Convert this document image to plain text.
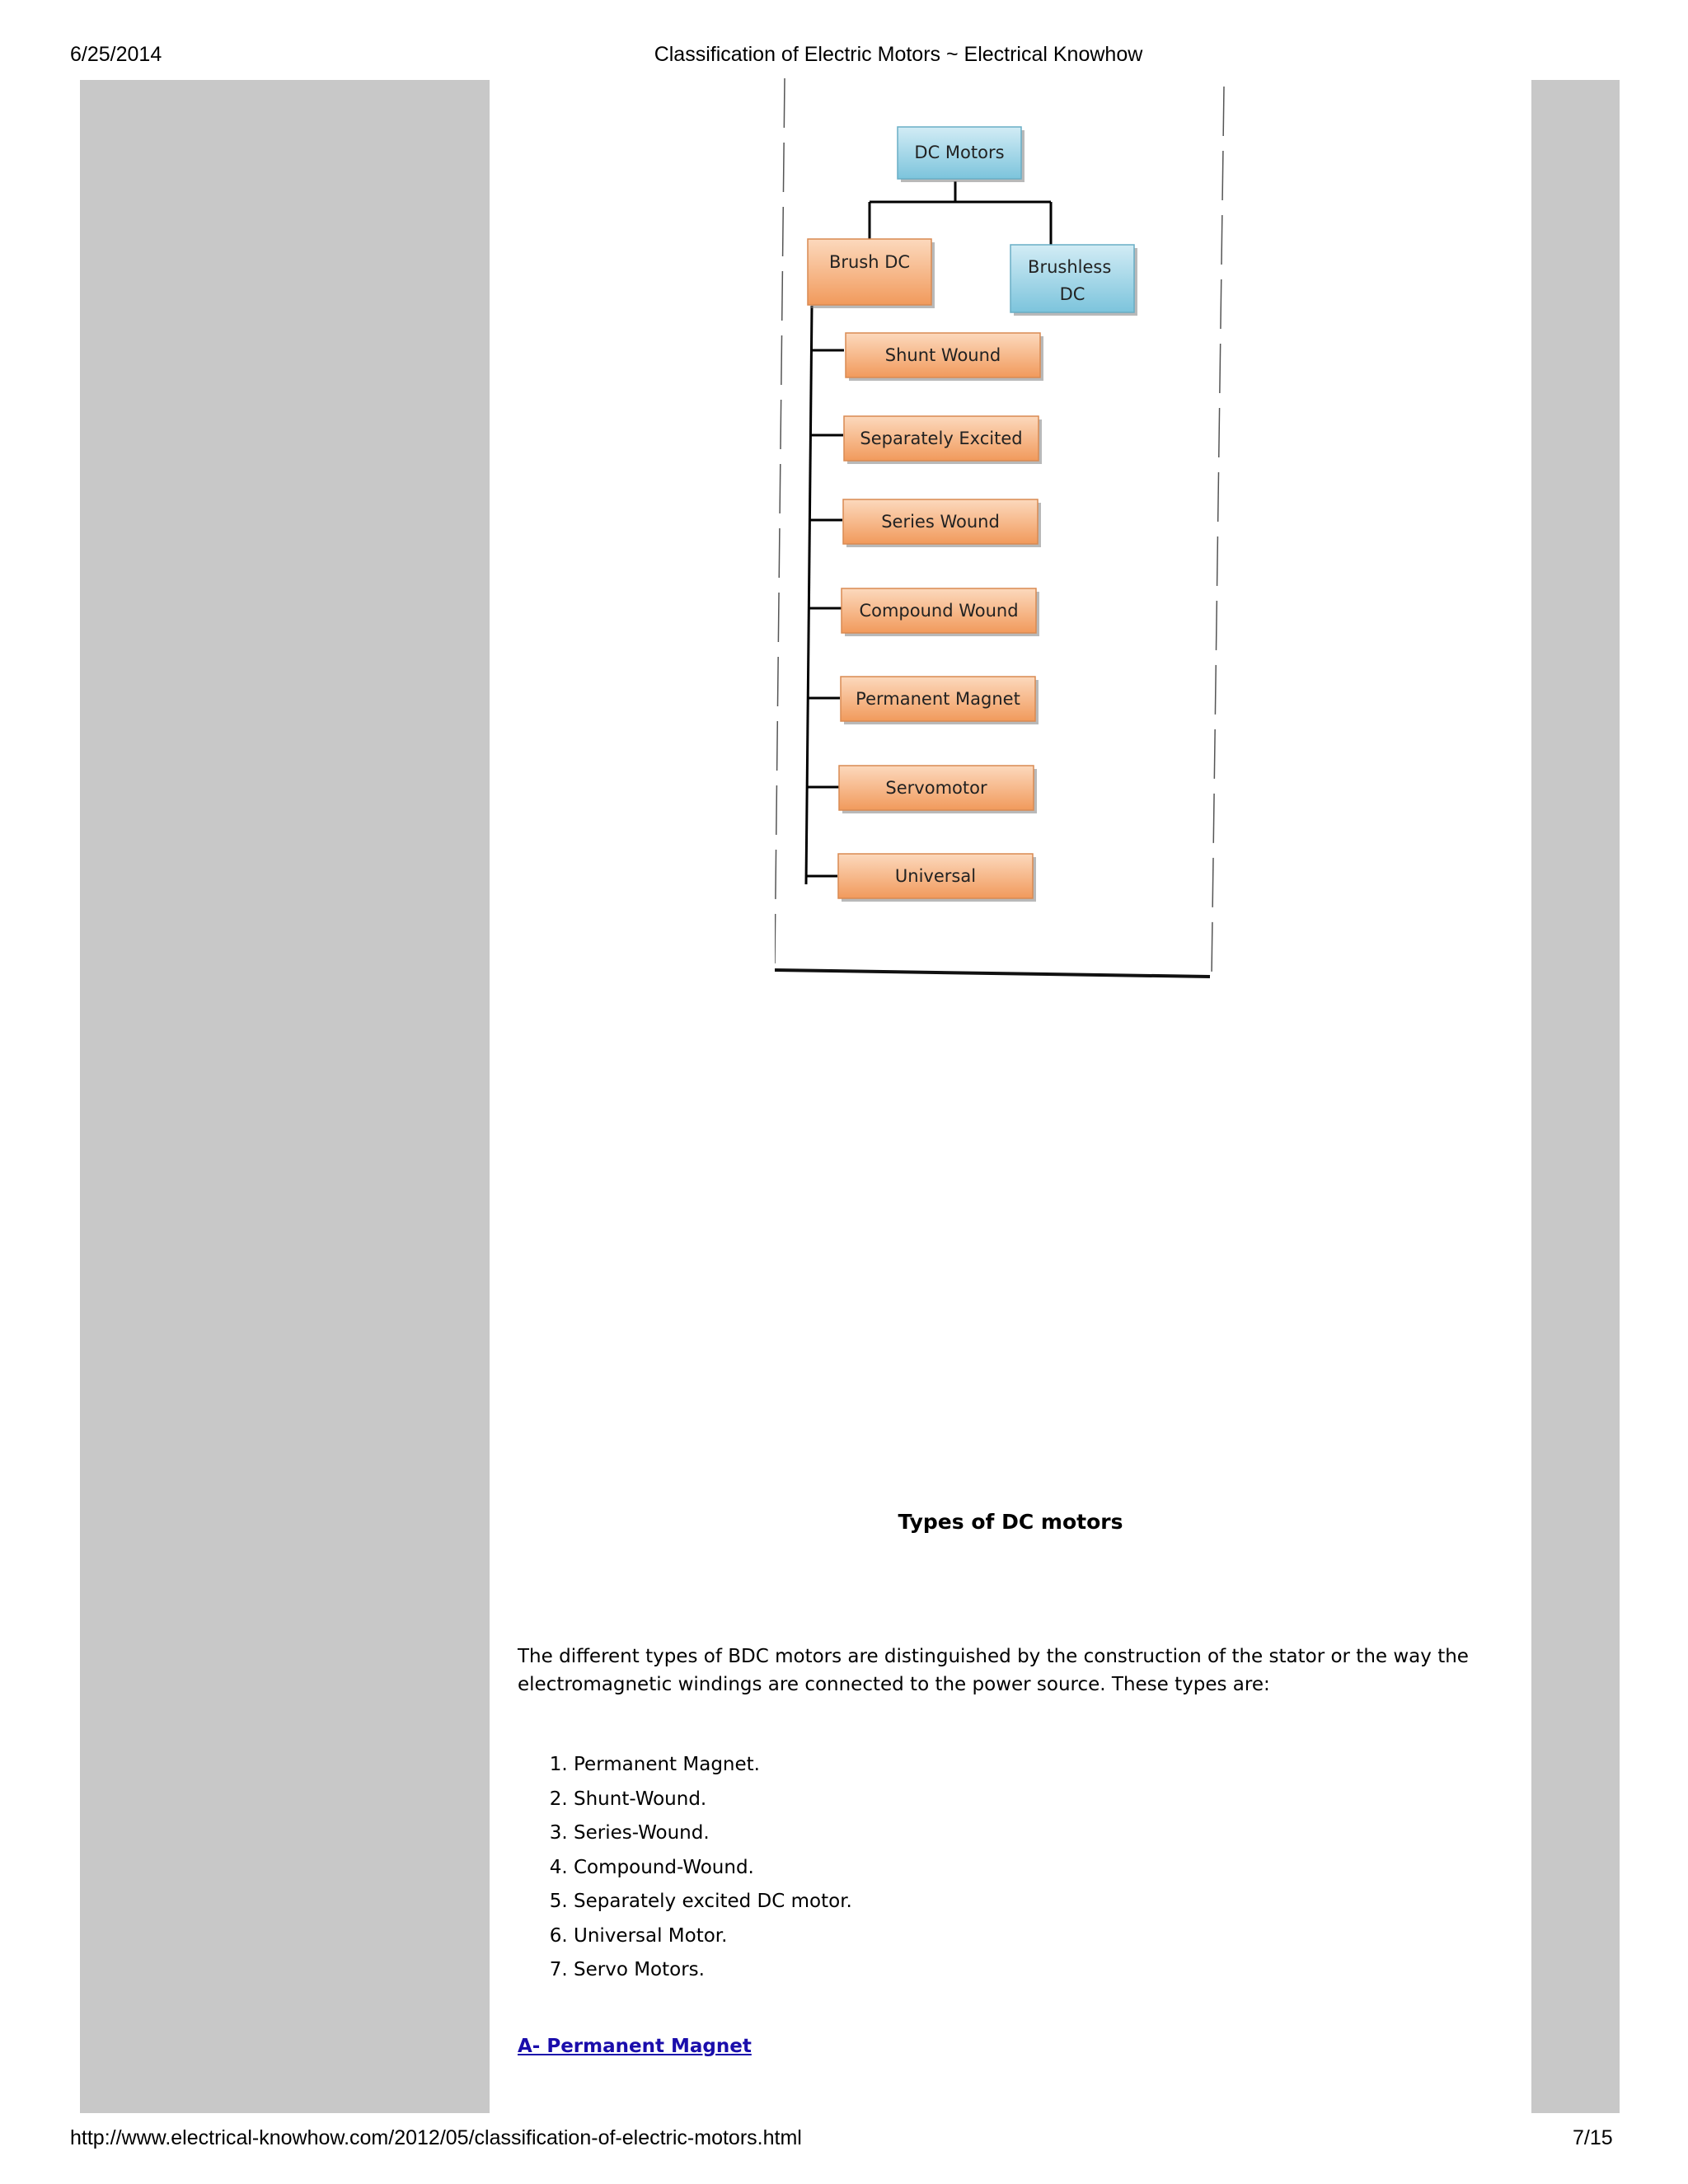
6/25/2014	Classification of Electric Motors ~ Electrical Knowhow
DC Motors
Brush DC	Brushless DC
Shunt Wound
Separately Excited
Series Wound
Compound Wound
Permanent Magnet
Servomotor
Universal
Types of DC motors

The different types of BDC motors are distinguished by the construction of the stator or the way the electromagnetic windings are connected to the power source. These types are:

1. Permanent Magnet.
2. Shunt-Wound.
3. Series-Wound.
4. Compound-Wound.
5. Separately excited DC motor.
6. Universal Motor.
7. Servo Motors.
A- Permanent Magnet
http://www.electrical-knowhow.com/2012/05/classification-of-electric-motors.html	7/15
